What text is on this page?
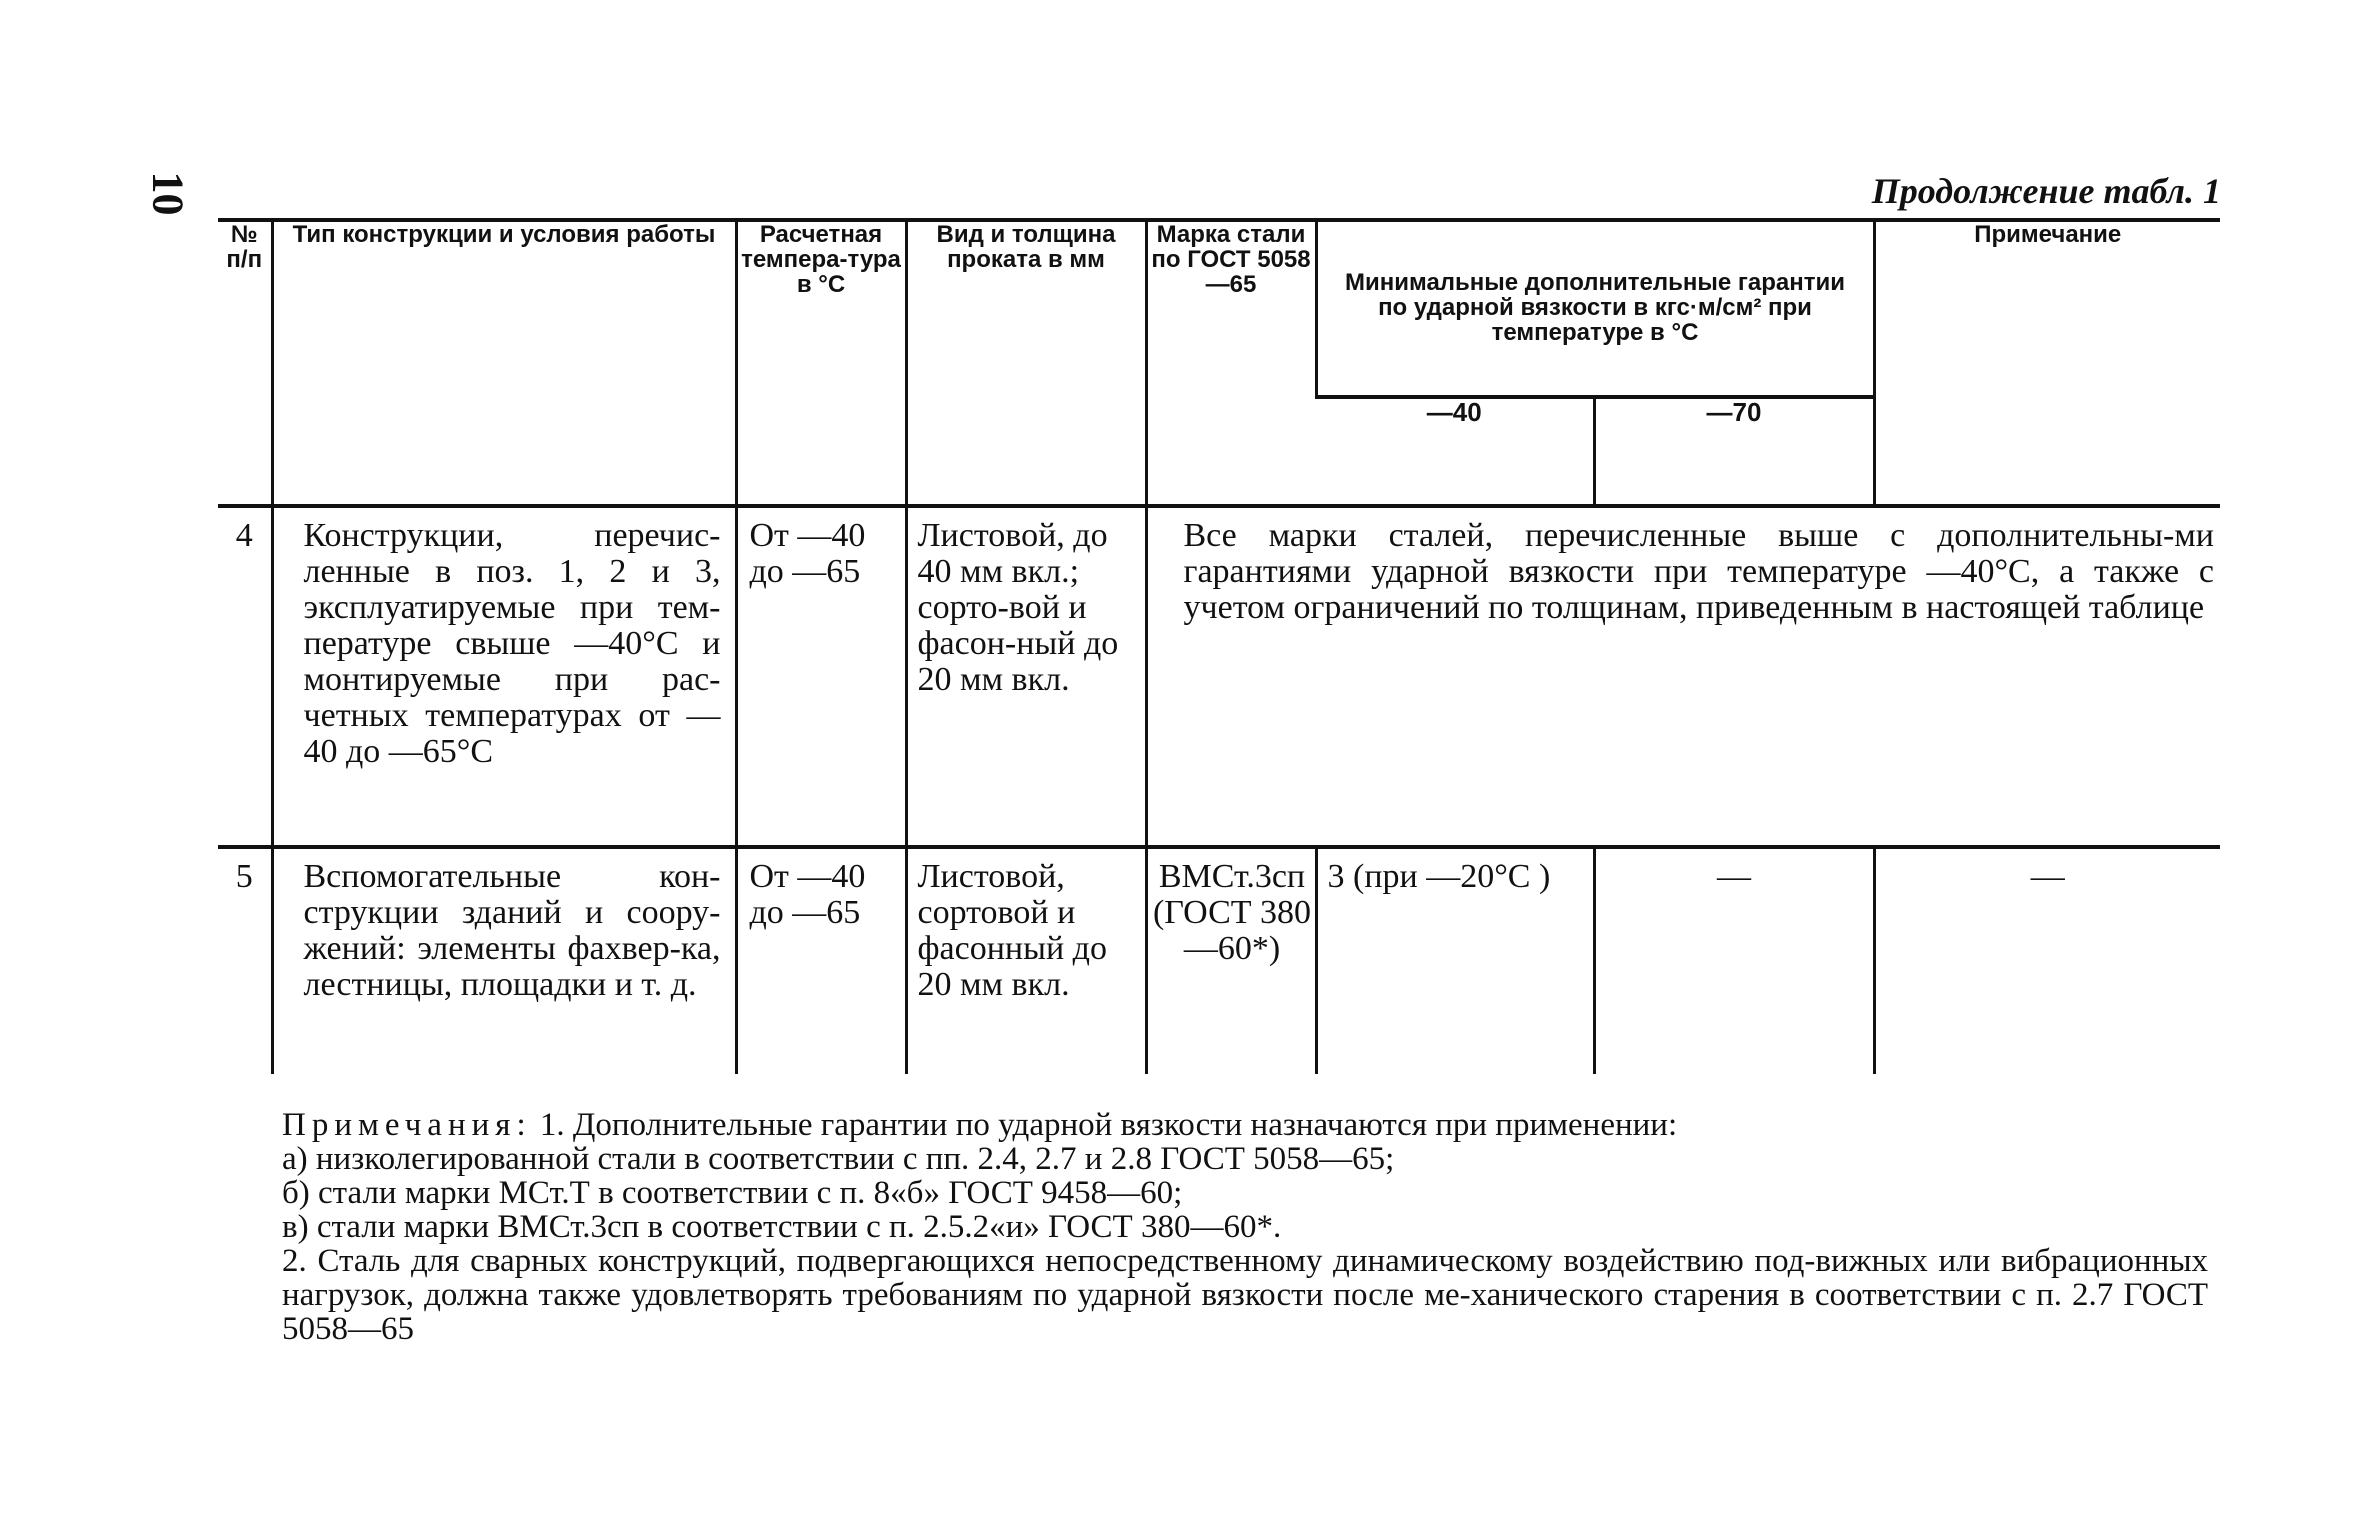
10	Продолжение табл. 1
№ п/п	Тип конструкции и условия работы	Расчетная темпера-тура в °С	Вид и толщина проката в мм	Марка стали по ГОСТ 5058—65	Минимальные дополнительные гарантии по ударной вязкости в кгс·м/см² при температуре в °С		Примечание
					—40	—70	
4	Конструкции, перечис-ленные в поз. 1, 2 и 3, эксплуатируемые при тем-пературе свыше —40°С и монтируемые при рас-четных температурах от —40 до —65°С	От —40 до —65	Листовой, до 40 мм вкл.; сорто-вой и фасон-ный до 20 мм вкл.	Все марки сталей, перечисленные выше с дополнительны-ми гарантиями ударной вязкости при температуре —40°С, а также с учетом ограничений по толщинам, приведенным в настоящей таблице			
5	Вспомогательные кон-струкции зданий и соору-жений: элементы фахвер-ка, лестницы, площадки и т. д.	От —40 до —65	Листовой, сортовой и фасонный до 20 мм вкл.	ВМСт.3сп (ГОСТ 380—60*)	3 (при —20°С )	—	—
Примечания: 1. Дополнительные гарантии по ударной вязкости назначаются при применении:
а) низколегированной стали в соответствии с пп. 2.4, 2.7 и 2.8 ГОСТ 5058—65;
б) стали марки МСт.Т в соответствии с п. 8«б» ГОСТ 9458—60;
в) стали марки ВМСт.3сп в соответствии с п. 2.5.2«и» ГОСТ 380—60*.
2. Сталь для сварных конструкций, подвергающихся непосредственному динамическому воздействию под-вижных или вибрационных нагрузок, должна также удовлетворять требованиям по ударной вязкости после ме-ханического старения в соответствии с п. 2.7 ГОСТ 5058—65
